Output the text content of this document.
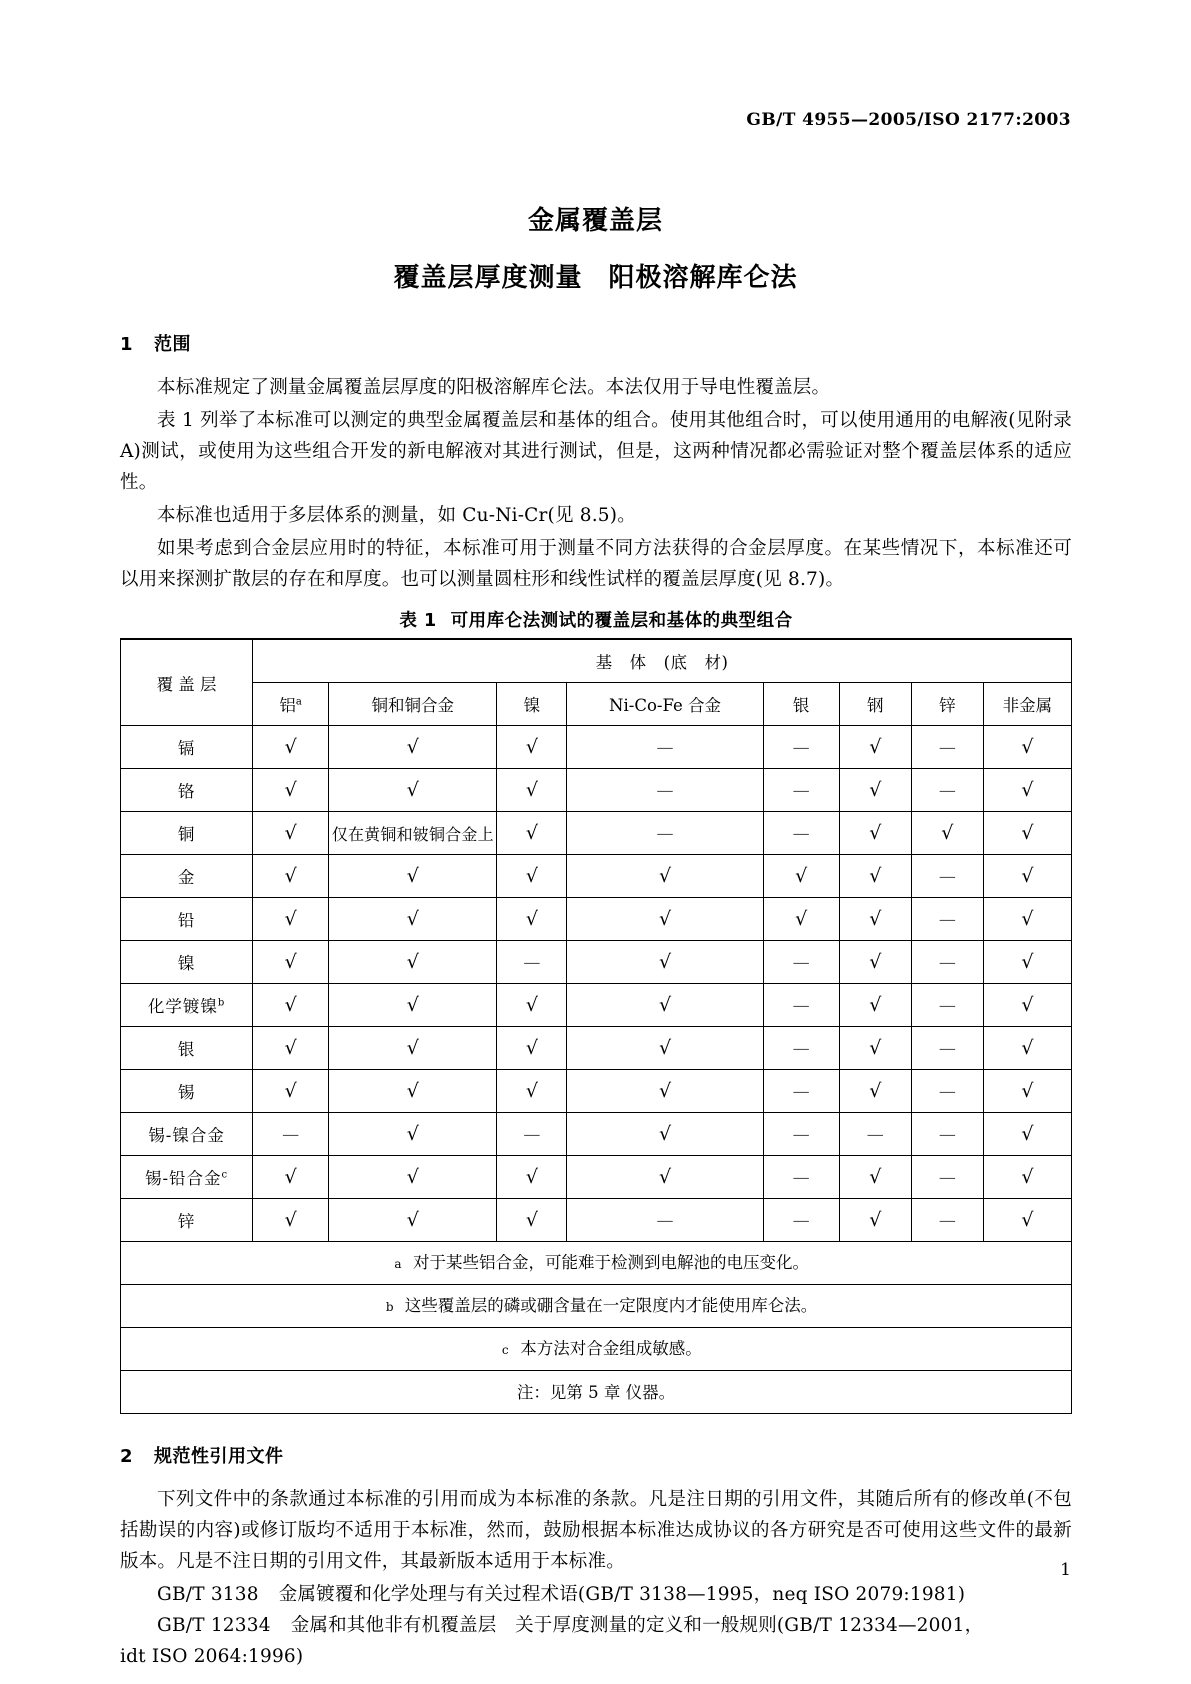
GB/T 4955—2005/ISO 2177:2003
金属覆盖层
覆盖层厚度测量 阳极溶解库仑法
1 范围

本标准规定了测量金属覆盖层厚度的阳极溶解库仑法。本法仅用于导电性覆盖层。

表 1 列举了本标准可以测定的典型金属覆盖层和基体的组合。使用其他组合时，可以使用通用的电解液(见附录 A)测试，或使用为这些组合开发的新电解液对其进行测试，但是，这两种情况都必需验证对整个覆盖层体系的适应性。

本标准也适用于多层体系的测量，如 Cu-Ni-Cr(见 8.5)。

如果考虑到合金层应用时的特征，本标准可用于测量不同方法获得的合金层厚度。在某些情况下，本标准还可以用来探测扩散层的存在和厚度。也可以测量圆柱形和线性试样的覆盖层厚度(见 8.7)。

表 1 可用库仑法测试的覆盖层和基体的典型组合
覆 盖 层	基　体　(底　材)							
	铝$^a$	铜和铜合金	镍	Ni-Co-Fe 合金	银	钢	锌	非金属
镉	√	√	√	—	—	√	—	√
铬	√	√	√	—	—	√	—	√
铜	√	仅在黄铜和铍铜合金上	√	—	—	√	√	√
金	√	√	√	√	√	√	—	√
铅	√	√	√	√	√	√	—	√
镍	√	√	—	√	—	√	—	√
化学镀镍$^b$	√	√	√	√	—	√	—	√
银	√	√	√	√	—	√	—	√
锡	√	√	√	√	—	√	—	√
锡-镍合金	—	√	—	√	—	—	—	√
锡-铅合金$^c$	√	√	√	√	—	√	—	√
锌	√	√	√	—	—	√	—	√
a 对于某些铝合金，可能难于检测到电解池的电压变化。								
b 这些覆盖层的磷或硼含量在一定限度内才能使用库仑法。								
c 本方法对合金组成敏感。								
注：见第 5 章 仪器。								
2 规范性引用文件

下列文件中的条款通过本标准的引用而成为本标准的条款。凡是注日期的引用文件，其随后所有的修改单(不包括勘误的内容)或修订版均不适用于本标准，然而，鼓励根据本标准达成协议的各方研究是否可使用这些文件的最新版本。凡是不注日期的引用文件，其最新版本适用于本标准。

GB/T 3138 金属镀覆和化学处理与有关过程术语(GB/T 3138—1995，neq ISO 2079:1981)

GB/T 12334 金属和其他非有机覆盖层　关于厚度测量的定义和一般规则(GB/T 12334—2001，

idt ISO 2064:1996)

1
